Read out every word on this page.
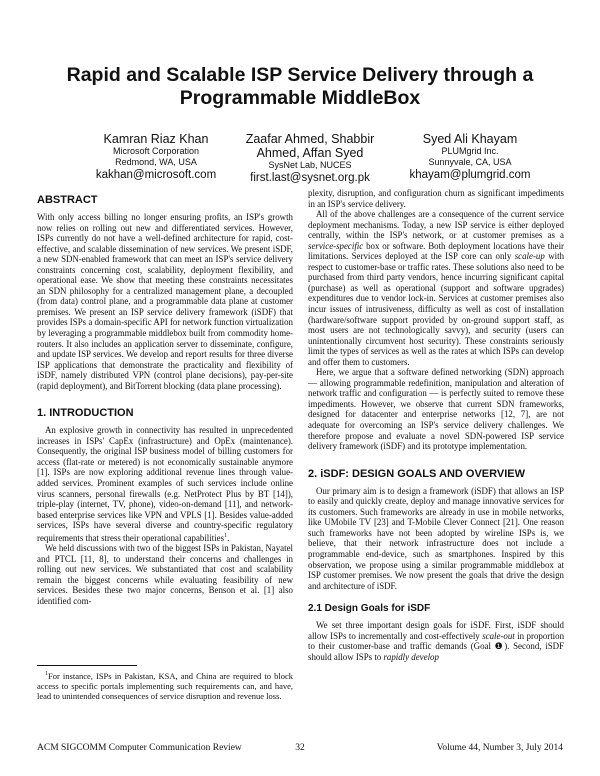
Rapid and Scalable ISP Service Delivery through a
Programmable MiddleBox
Kamran Riaz Khan
Microsoft Corporation
Redmond, WA, USA
kakhan@microsoft.com
Zaafar Ahmed, Shabbir
Ahmed, Affan Syed
SysNet Lab, NUCES
first.last@sysnet.org.pk
Syed Ali Khayam
PLUMgrid Inc.
Sunnyvale, CA, USA
khayam@plumgrid.com
ABSTRACT

With only access billing no longer ensuring profits, an ISP's growth now relies on rolling out new and differentiated services. However, ISPs currently do not have a well-defined architecture for rapid, cost-effective, and scalable dissemination of new services. We present iSDF, a new SDN-enabled framework that can meet an ISP's service delivery constraints concerning cost, scalability, deployment flexibility, and operational ease. We show that meeting these constraints necessitates an SDN philosophy for a centralized management plane, a decoupled (from data) control plane, and a programmable data plane at customer premises. We present an ISP service delivery framework (iSDF) that provides ISPs a domain-specific API for network function virtualization by leveraging a programmable middlebox built from commodity home-routers. It also includes an application server to disseminate, configure, and update ISP services. We develop and report results for three diverse ISP applications that demonstrate the practicality and flexibility of iSDF, namely distributed VPN (control plane decisions), pay-per-site (rapid deployment), and BitTorrent blocking (data plane processing).

1. INTRODUCTION

An explosive growth in connectivity has resulted in unprecedented increases in ISPs' CapEx (infrastructure) and OpEx (maintenance). Consequently, the original ISP business model of billing customers for access (flat-rate or metered) is not economically sustainable anymore [1]. ISPs are now exploring additional revenue lines through value-added services. Prominent examples of such services include online virus scanners, personal firewalls (e.g. NetProtect Plus by BT [14]), triple-play (internet, TV, phone), video-on-demand [11], and network-based enterprise services like VPN and VPLS [1]. Besides value-added services, ISPs have several diverse and country-specific regulatory requirements that stress their operational capabilities$^1$.

We held discussions with two of the biggest ISPs in Pakistan, Nayatel and PTCL [11, 8], to understand their concerns and challenges in rolling out new services. We substantiated that cost and scalability remain the biggest concerns while evaluating feasibility of new services. Besides these two major concerns, Benson et al. [1] also identified com-

$^1$For instance, ISPs in Pakistan, KSA, and China are required to block access to specific portals implementing such requirements can, and have, lead to unintended consequences of service disruption and revenue loss.

plexity, disruption, and configuration churn as significant impediments in an ISP's service delivery.

All of the above challenges are a consequence of the current service deployment mechanisms. Today, a new ISP service is either deployed centrally, within the ISP's network, or at customer premises as a service-specific box or software. Both deployment locations have their limitations. Services deployed at the ISP core can only scale-up with respect to customer-base or traffic rates. These solutions also need to be purchased from third party vendors, hence incurring significant capital (purchase) as well as operational (support and software upgrades) expenditures due to vendor lock-in. Services at customer premises also incur issues of intrusiveness, difficulty as well as cost of installation (hardware/software support provided by on-ground support staff, as most users are not technologically savvy), and security (users can unintentionally circumvent host security). These constraints seriously limit the types of services as well as the rates at which ISPs can develop and offer them to customers.

Here, we argue that a software defined networking (SDN) approach — allowing programmable redefinition, manipulation and alteration of network traffic and configuration — is perfectly suited to remove these impediments. However, we observe that current SDN frameworks, designed for datacenter and enterprise networks [12, 7], are not adequate for overcoming an ISP's service delivery challenges. We therefore propose and evaluate a novel SDN-powered ISP service delivery framework (iSDF) and its prototype implementation.

2. iSDF: DESIGN GOALS AND OVERVIEW

Our primary aim is to design a framework (iSDF) that allows an ISP to easily and quickly create, deploy and manage innovative services for its customers. Such frameworks are already in use in mobile networks, like UMobile TV [23] and T-Mobile Clever Connect [21]. One reason such frameworks have not been adopted by wireline ISPs is, we believe, that their network infrastructure does not include a programmable end-device, such as smartphones. Inspired by this observation, we propose using a similar programmable middlebox at ISP customer premises. We now present the goals that drive the design and architecture of iSDF.

2.1 Design Goals for iSDF

We set three important design goals for iSDF. First, iSDF should allow ISPs to incrementally and cost-effectively scale-out in proportion to their customer-base and traffic demands (Goal ❶). Second, iSDF should allow ISPs to rapidly develop

ACM SIGCOMM Computer Communication Review	32	Volume 44, Number 3, July 2014
